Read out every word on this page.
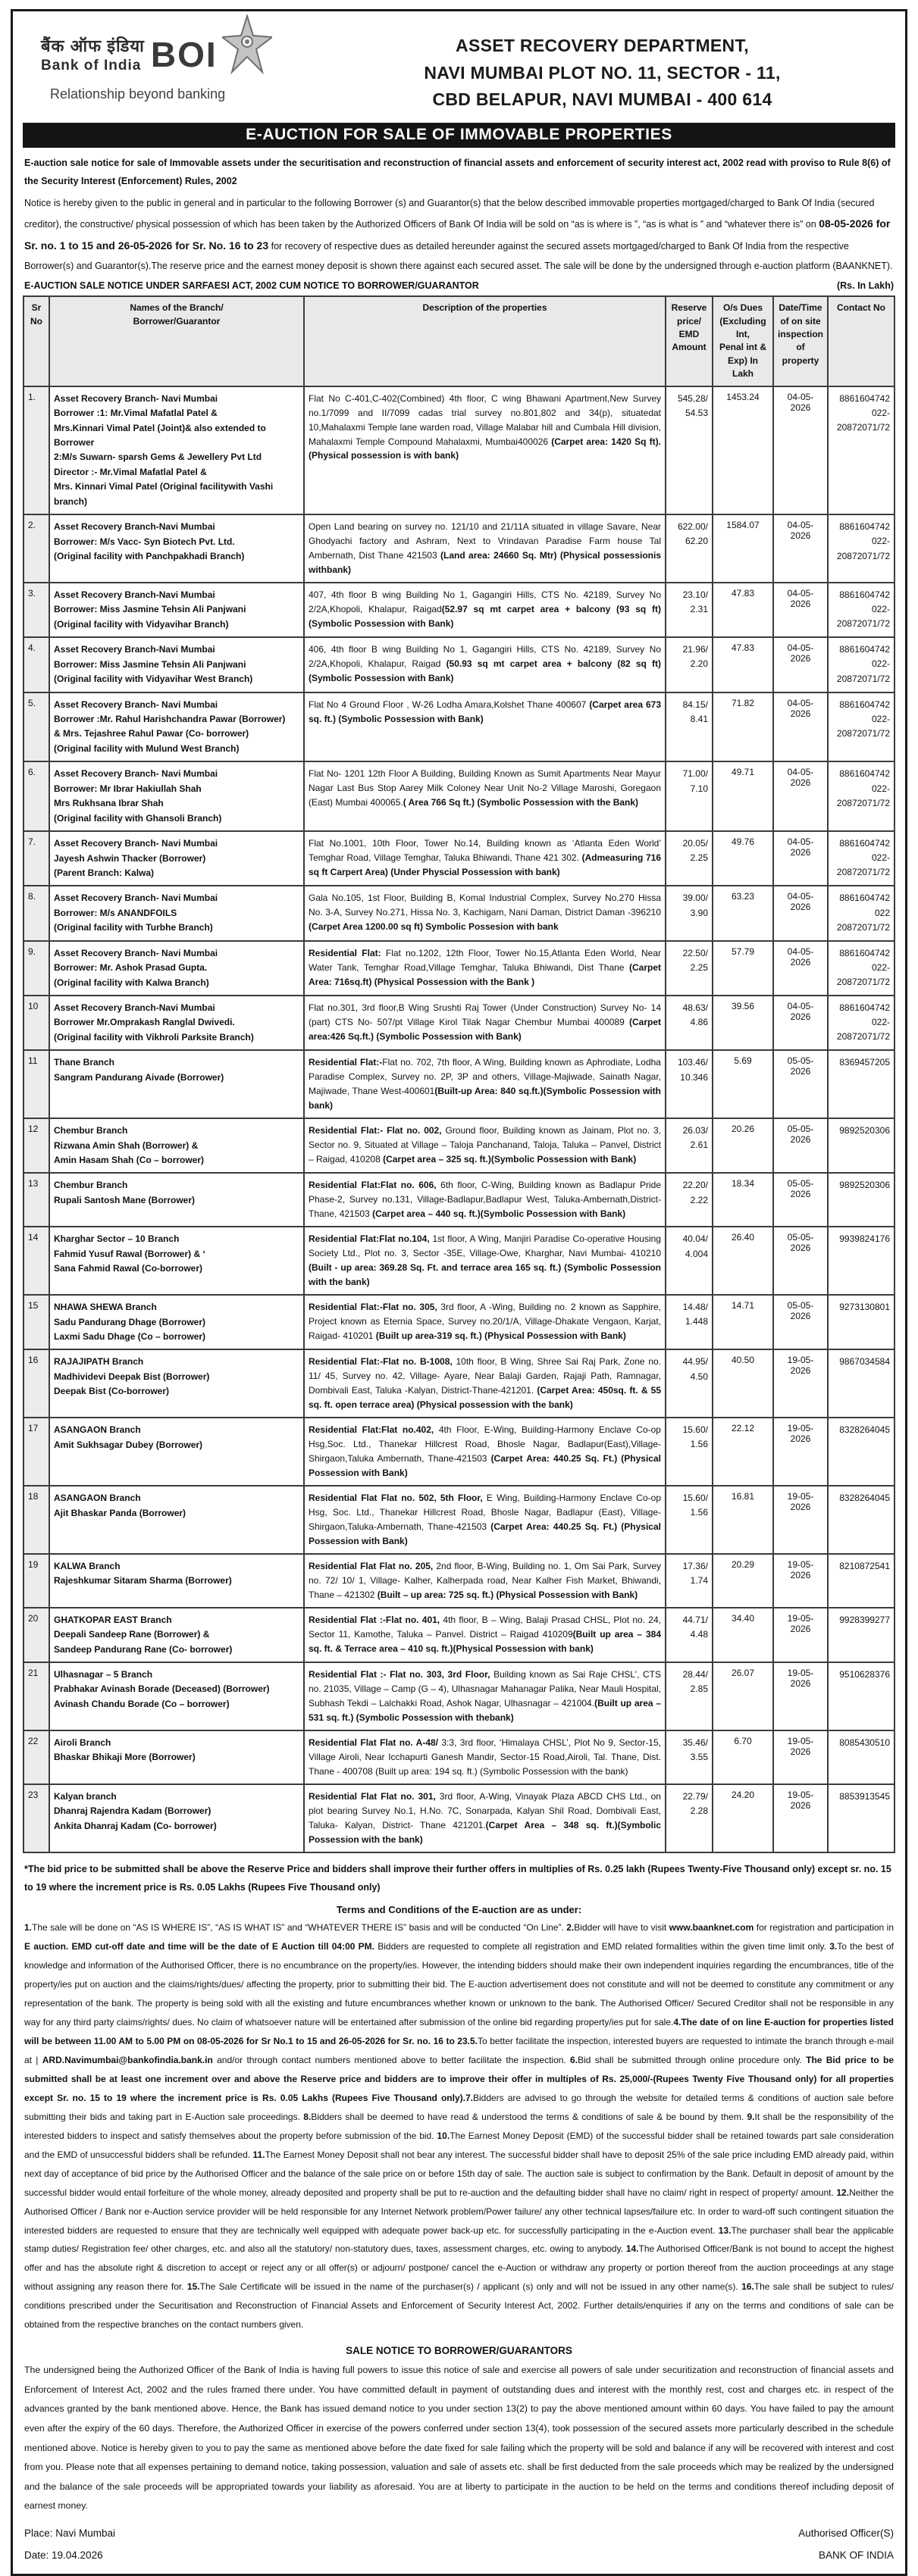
बैंक ऑफ इंडिया
Bank of India BOI
Relationship beyond banking
ASSET RECOVERY DEPARTMENT,
NAVI MUMBAI PLOT NO. 11, SECTOR - 11,
CBD BELAPUR, NAVI MUMBAI - 400 614
E-AUCTION FOR SALE OF IMMOVABLE PROPERTIES

E-auction sale notice for sale of Immovable assets under the securitisation and reconstruction of financial assets and enforcement of security interest act, 2002 read with proviso to Rule 8(6) of the Security Interest (Enforcement) Rules, 2002

Notice is hereby given to the public in general and in particular to the following Borrower (s) and Guarantor(s) that the below described immovable properties mortgaged/charged to Bank Of India (secured creditor), the constructive/ physical possession of which has been taken by the Authorized Officers of Bank Of India will be sold on “as is where is ”, “as is what is ” and “whatever there is” on 08-05-2026 for Sr. no. 1 to 15 and 26-05-2026 for Sr. No. 16 to 23 for recovery of respective dues as detailed hereunder against the secured assets mortgaged/charged to Bank Of India from the respective Borrower(s) and Guarantor(s).The reserve price and the earnest money deposit is shown there against each secured asset. The sale will be done by the undersigned through e-auction platform (BAANKNET).

E-AUCTION SALE NOTICE UNDER SARFAESI ACT, 2002 CUM NOTICE TO BORROWER/GUARANTOR	(Rs. In Lakh)
Sr
No

Names of the Branch/
Borrower/Guarantor

Description of the properties	Reserve
price/
EMD
Amount

O/s Dues
(Excluding
Int,
Penal int &
Exp) In Lakh

Date/Time
of on site
inspection
of property

Contact No

1.	Asset Recovery Branch- Navi Mumbai
Borrower :1: Mr.Vimal Mafatlal Patel &
Mrs.Kinnari Vimal Patel (Joint)& also extended to Borrower
2:M/s Suwarn- sparsh Gems & Jewellery Pvt Ltd
Director :- Mr.Vimal Mafatlal Patel &
Mrs. Kinnari Vimal Patel (Original facilitywith Vashi branch)
	Flat No C-401,C-402(Combined) 4th floor, C wing Bhawani Apartment,New Survey no.1/7099 and II/7099 cadas trial survey no.801,802 and 34(p), situatedat 10,Mahalaxmi Temple lane warden road, Village Malabar hill and Cumbala Hill division, Mahalaxmi Temple Compound Mahalaxmi, Mumbai400026 (Carpet area: 1420 Sq ft).(Physical possession is with bank)	
545.28/
54.53
	1453.24	04-05-2026	
8861604742
022-
20872071/72

2.	Asset Recovery Branch-Navi Mumbai
Borrower: M/s Vacc- Syn Biotech Pvt. Ltd.
(Original facility with Panchpakhadi Branch)
	Open Land bearing on survey no. 121/10 and 21/11A situated in village Savare, Near Ghodyachi factory and Ashram, Next to Vrindavan Paradise Farm house Tal Ambernath, Dist Thane 421503 (Land area: 24660 Sq. Mtr) (Physical possessionis withbank)	
622.00/
62.20
	1584.07	04-05-2026	
8861604742
022-
20872071/72

3.	Asset Recovery Branch-Navi Mumbai
Borrower: Miss Jasmine Tehsin Ali Panjwani
(Original facility with Vidyavihar Branch)
	407, 4th floor B wing Building No 1, Gagangiri Hills, CTS No. 42189, Survey No 2/2A,Khopoli, Khalapur, Raigad(52.97 sq mt carpet area + balcony (93 sq ft) (Symbolic Possession with Bank)	
23.10/
2.31
	47.83	04-05-2026	
8861604742
022-
20872071/72

4.	Asset Recovery Branch-Navi Mumbai
Borrower: Miss Jasmine Tehsin Ali Panjwani
(Original facility with Vidyavihar West Branch)
	406, 4th floor B wing Building No 1, Gagangiri Hills, CTS No. 42189, Survey No 2/2A,Khopoli, Khalapur, Raigad (50.93 sq mt carpet area + balcony (82 sq ft) (Symbolic Possession with Bank)	
21.96/
2.20
	47.83	04-05-2026	
8861604742
022-
20872071/72

5.	Asset Recovery Branch- Navi Mumbai
Borrower :Mr. Rahul Harishchandra Pawar (Borrower)
& Mrs. Tejashree Rahul Pawar (Co- borrower)
(Original facility with Mulund West Branch)
	Flat No 4 Ground Floor , W-26 Lodha Amara,Kolshet Thane 400607 (Carpet area 673 sq. ft.) (Symbolic Possession with Bank)	
84.15/
8.41
	71.82	04-05-2026	
8861604742
022-
20872071/72

6.	Asset Recovery Branch- Navi Mumbai
Borrower: Mr Ibrar Hakiullah Shah
Mrs Rukhsana Ibrar Shah
(Original facility with Ghansoli Branch)
	Flat No- 1201 12th Floor A Building, Building Known as Sumit Apartments Near Mayur Nagar Last Bus Stop Aarey Milk Coloney Near Unit No-2 Village Maroshi, Goregaon (East) Mumbai 400065.( Area 766 Sq ft.) (Symbolic Possession with the Bank)	
71.00/
7.10
	49.71	04-05-2026	
8861604742
022-
20872071/72

7.	Asset Recovery Branch- Navi Mumbai
Jayesh Ashwin Thacker (Borrower)
(Parent Branch: Kalwa)
	Flat No.1001, 10th Floor, Tower No.14, Building known as ‘Atlanta Eden World’ Temghar Road, Village Temghar, Taluka Bhiwandi, Thane 421 302. (Admeasuring 716 sq ft Carpert Area) (Under Physcial Possession with bank)	
20.05/
2.25
	49.76	04-05-2026	
8861604742
022-
20872071/72

8.	Asset Recovery Branch- Navi Mumbai
Borrower: M/s ANANDFOILS
(Original facility with Turbhe Branch)
	Gala No.105, 1st Floor, Building B, Komal Industrial Complex, Survey No.270 Hissa No. 3-A, Survey No.271, Hissa No. 3, Kachigam, Nani Daman, District Daman -396210 (Carpet Area 1200.00 sq ft) Symbolic Possesion with bank	
39.00/
3.90
	63.23	04-05-2026	
8861604742
022
20872071/72

9.	Asset Recovery Branch- Navi Mumbai
Borrower: Mr. Ashok Prasad Gupta.
(Original facility with Kalwa Branch)
	Residential Flat: Flat no.1202, 12th Floor, Tower No.15,Atlanta Eden World, Near Water Tank, Temghar Road,Village Temghar, Taluka Bhiwandi, Dist Thane (Carpet Area: 716sq.ft) (Physical Possession with the Bank )	
22.50/
2.25
	57.79	04-05-2026	
8861604742
022-
20872071/72

10	Asset Recovery Branch-Navi Mumbai
Borrower Mr.Omprakash Ranglal Dwivedi.
(Original facility with Vikhroli Parksite Branch)
	Flat no.301, 3rd floor,B Wing Srushti Raj Tower (Under Construction) Survey No- 14 (part) CTS No- 507/pt Village Kirol Tilak Nagar Chembur Mumbai 400089 (Carpet area:426 Sq.ft.) (Symbolic Possession with Bank)	
48.63/
4.86
	39.56	04-05-2026	
8861604742
022-
20872071/72

11	Thane Branch
Sangram Pandurang Aivade (Borrower)
	Residential Flat:-Flat no. 702, 7th floor, A Wing, Building known as Aphrodiate, Lodha Paradise Complex, Survey no. 2P, 3P and others, Village-Majiwade, Sainath Nagar, Majiwade, Thane West-400601(Built-up Area: 840 sq.ft.)(Symbolic Possession with bank)	
103.46/
10.346
	5.69	05-05-2026	
8369457205

12	Chembur Branch
Rizwana Amin Shah (Borrower) &
Amin Hasam Shah (Co – borrower)
	Residential Flat:- Flat no. 002, Ground floor, Building known as Jainam, Plot no. 3, Sector no. 9, Situated at Village – Taloja Panchanand, Taloja, Taluka – Panvel, District – Raigad, 410208 (Carpet area – 325 sq. ft.)(Symbolic Possession with Bank)	
26.03/
2.61
	20.26	05-05-2026	
9892520306

13	Chembur Branch
Rupali Santosh Mane (Borrower)
	Residential Flat:Flat no. 606, 6th floor, C-Wing, Building known as Badlapur Pride Phase-2, Survey no.131, Village-Badlapur,Badlapur West, Taluka-Ambernath,District- Thane, 421503 (Carpet area – 440 sq. ft.)(Symbolic Possession with Bank)	
22.20/
2.22
	18.34	05-05-2026	
9892520306

14	Kharghar Sector – 10 Branch
Fahmid Yusuf Rawal (Borrower) & ‘
Sana Fahmid Rawal (Co-borrower)
	Residential Flat:Flat no.104, 1st floor, A Wing, Manjiri Paradise Co-operative Housing Society Ltd., Plot no. 3, Sector -35E, Village-Owe, Kharghar, Navi Mumbai- 410210 (Built - up area: 369.28 Sq. Ft. and terrace area 165 sq. ft.) (Symbolic Possession with the bank)	
40.04/
4.004
	26.40	05-05-2026	
9939824176

15	NHAWA SHEWA Branch
Sadu Pandurang Dhage (Borrower)
Laxmi Sadu Dhage (Co – borrower)
	Residential Flat:-Flat no. 305, 3rd floor, A -Wing, Building no. 2 known as Sapphire, Project known as Eternia Space, Survey no.20/1/A, Village-Dhakate Vengaon, Karjat, Raigad- 410201 (Built up area-319 sq. ft.) (Physical Possession with Bank)	
14.48/
1.448
	14.71	05-05-2026	
9273130801

16	RAJAJIPATH Branch
Madhividevi Deepak Bist (Borrower)
Deepak Bist (Co-borrower)
	Residential Flat:-Flat no. B-1008, 10th floor, B Wing, Shree Sai Raj Park, Zone no. 11/ 45, Survey no. 42, Village- Ayare, Near Balaji Garden, Rajaji Path, Ramnagar, Dombivali East, Taluka -Kalyan, District-Thane-421201. (Carpet Area: 450sq. ft. & 55 sq. ft. open terrace area) (Physical possession with the bank)	
44.95/
4.50
	40.50	19-05-2026	
9867034584

17	ASANGAON Branch
Amit Sukhsagar Dubey (Borrower)
	Residential Flat:Flat no.402, 4th Floor, E-Wing, Building-Harmony Enclave Co-op Hsg,Soc. Ltd., Thanekar Hillcrest Road, Bhosle Nagar, Badlapur(East),Village-Shirgaon,Taluka Ambernath, Thane-421503 (Carpet Area: 440.25 Sq. Ft.) (Physical Possession with Bank)	
15.60/
1.56
	22.12	19-05-2026	
8328264045

18	ASANGAON Branch
Ajit Bhaskar Panda (Borrower)
	Residential Flat Flat no. 502, 5th Floor, E Wing, Building-Harmony Enclave Co-op Hsg, Soc. Ltd., Thanekar Hillcrest Road, Bhosle Nagar, Badlapur (East), Village-Shirgaon,Taluka-Ambernath, Thane-421503 (Carpet Area: 440.25 Sq. Ft.) (Physical Possession with Bank)	
15.60/
1.56
	16.81	19-05-2026	
8328264045

19	KALWA Branch
Rajeshkumar Sitaram Sharma (Borrower)
	Residential Flat Flat no. 205, 2nd floor, B-Wing, Building no. 1, Om Sai Park, Survey no. 72/ 10/ 1, Village- Kalher, Kalherpada road, Near Kalher Fish Market, Bhiwandi, Thane – 421302 (Built – up area: 725 sq. ft.) (Physical Possession with Bank)	
17.36/
1.74
	20.29	19-05-2026	
8210872541

20	GHATKOPAR EAST Branch
Deepali Sandeep Rane (Borrower) &
Sandeep Pandurang Rane (Co- borrower)
	Residential Flat :-Flat no. 401, 4th floor, B – Wing, Balaji Prasad CHSL, Plot no. 24, Sector 11, Kamothe, Taluka – Panvel. District – Raigad 410209(Built up area – 384 sq. ft. & Terrace area – 410 sq. ft.)(Physical Possession with bank)	
44.71/
4.48
	34.40	19-05-2026	
9928399277

21	Ulhasnagar – 5 Branch
Prabhakar Avinash Borade (Deceased) (Borrower)
Avinash Chandu Borade (Co – borrower)
	Residential Flat :- Flat no. 303, 3rd Floor, Building known as Sai Raje CHSL’, CTS no. 21035, Village – Camp (G – 4), Ulhasnagar Mahanagar Palika, Near Mauli Hospital, Subhash Tekdi – Lalchakki Road, Ashok Nagar, Ulhasnagar – 421004.(Built up area – 531 sq. ft.) (Symbolic Possession with thebank)	
28.44/
2.85
	26.07	19-05-2026	
9510628376

22	Airoli Branch
Bhaskar Bhikaji More (Borrower)
	Residential Flat Flat no. A-48/ 3:3, 3rd floor, ‘Himalaya CHSL’, Plot No 9, Sector-15, Village Airoli, Near Icchapurti Ganesh Mandir, Sector-15 Road,Airoli, Tal. Thane, Dist. Thane - 400708 (Built up area: 194 sq. ft.) (Symbolic Possession with the bank)	
35.46/
3.55
	6.70	19-05-2026	
8085430510

23	Kalyan branch
Dhanraj Rajendra Kadam (Borrower)
Ankita Dhanraj Kadam (Co- borrower)
	Residential Flat Flat no. 301, 3rd floor, A-Wing, Vinayak Plaza ABCD CHS Ltd., on plot bearing Survey No.1, H.No. 7C, Sonarpada, Kalyan Shil Road, Dombivali East, Taluka- Kalyan, District- Thane 421201.(Carpet Area – 348 sq. ft.)(Symbolic Possession with the bank)	
22.79/
2.28
	24.20	19-05-2026	
8853913545

*The bid price to be submitted shall be above the Reserve Price and bidders shall improve their further offers in multiplies of Rs. 0.25 lakh (Rupees Twenty-Five Thousand only) except sr. no. 15 to 19 where the increment price is Rs. 0.05 Lakhs (Rupees Five Thousand only)

Terms and Conditions of the E-auction are as under:

1.The sale will be done on “AS IS WHERE IS”, “AS IS WHAT IS” and “WHATEVER THERE IS” basis and will be conducted “On Line”. 2.Bidder will have to visit www.baanknet.com for registration and participation in E auction. EMD cut-off date and time will be the date of E Auction till 04:00 PM. Bidders are requested to complete all registration and EMD related formalities within the given time limit only. 3.To the best of knowledge and information of the Authorised Officer, there is no encumbrance on the property/ies. However, the intending bidders should make their own independent inquiries regarding the encumbrances, title of the property/ies put on auction and the claims/rights/dues/ affecting the property, prior to submitting their bid. The E-auction advertisement does not constitute and will not be deemed to constitute any commitment or any representation of the bank. The property is being sold with all the existing and future encumbrances whether known or unknown to the bank. The Authorised Officer/ Secured Creditor shall not be responsible in any way for any third party claims/rights/ dues. No claim of whatsoever nature will be entertained after submission of the online bid regarding property/ies put for sale.4.The date of on line E-auction for properties listed will be between 11.00 AM to 5.00 PM on 08-05-2026 for Sr No.1 to 15 and 26-05-2026 for Sr. no. 16 to 23.5.To better facilitate the inspection, interested buyers are requested to intimate the branch through e-mail at | ARD.Navimumbai@bankofindia.bank.in and/or through contact numbers mentioned above to better facilitate the inspection. 6.Bid shall be submitted through online procedure only. The Bid price to be submitted shall be at least one increment over and above the Reserve price and bidders are to improve their offer in multiples of Rs. 25,000/-(Rupees Twenty Five Thousand only) for all properties except Sr. no. 15 to 19 where the increment price is Rs. 0.05 Lakhs (Rupees Five Thousand only).7.Bidders are advised to go through the website for detailed terms & conditions of auction sale before submitting their bids and taking part in E-Auction sale proceedings. 8.Bidders shall be deemed to have read & understood the terms & conditions of sale & be bound by them. 9.It shall be the responsibility of the interested bidders to inspect and satisfy themselves about the property before submission of the bid. 10.The Earnest Money Deposit (EMD) of the successful bidder shall be retained towards part sale consideration and the EMD of unsuccessful bidders shall be refunded. 11.The Earnest Money Deposit shall not bear any interest. The successful bidder shall have to deposit 25% of the sale price including EMD already paid, within next day of acceptance of bid price by the Authorised Officer and the balance of the sale price on or before 15th day of sale. The auction sale is subject to confirmation by the Bank. Default in deposit of amount by the successful bidder would entail forfeiture of the whole money, already deposited and property shall be put to re-auction and the defaulting bidder shall have no claim/ right in respect of property/ amount. 12.Neither the Authorised Officer / Bank nor e-Auction service provider will be held responsible for any Internet Network problem/Power failure/ any other technical lapses/failure etc. In order to ward-off such contingent situation the interested bidders are requested to ensure that they are technically well equipped with adequate power back-up etc. for successfully participating in the e-Auction event. 13.The purchaser shall bear the applicable stamp duties/ Registration fee/ other charges, etc. and also all the statutory/ non-statutory dues, taxes, assessment charges, etc. owing to anybody. 14.The Authorised Officer/Bank is not bound to accept the highest offer and has the absolute right & discretion to accept or reject any or all offer(s) or adjourn/ postpone/ cancel the e-Auction or withdraw any property or portion thereof from the auction proceedings at any stage without assigning any reason there for. 15.The Sale Certificate will be issued in the name of the purchaser(s) / applicant (s) only and will not be issued in any other name(s). 16.The sale shall be subject to rules/ conditions prescribed under the Securitisation and Reconstruction of Financial Assets and Enforcement of Security Interest Act, 2002. Further details/enquiries if any on the terms and conditions of sale can be obtained from the respective branches on the contact numbers given.

SALE NOTICE TO BORROWER/GUARANTORS

The undersigned being the Authorized Officer of the Bank of India is having full powers to issue this notice of sale and exercise all powers of sale under securitization and reconstruction of financial assets and Enforcement of Interest Act, 2002 and the rules framed there under. You have committed default in payment of outstanding dues and interest with the monthly rest, cost and charges etc. in respect of the advances granted by the bank mentioned above. Hence, the Bank has issued demand notice to you under section 13(2) to pay the above mentioned amount within 60 days. You have failed to pay the amount even after the expiry of the 60 days. Therefore, the Authorized Officer in exercise of the powers conferred under section 13(4), took possession of the secured assets more particularly described in the schedule mentioned above. Notice is hereby given to you to pay the same as mentioned above before the date fixed for sale failing which the property will be sold and balance if any will be recovered with interest and cost from you. Please note that all expenses pertaining to demand notice, taking possession, valuation and sale of assets etc. shall be first deducted from the sale proceeds which may be realized by the undersigned and the balance of the sale proceeds will be appropriated towards your liability as aforesaid. You are at liberty to participate in the auction to be held on the terms and conditions thereof including deposit of earnest money.

Place: Navi Mumbai
Date: 19.04.2026
Authorised Officer(S)
BANK OF INDIA
